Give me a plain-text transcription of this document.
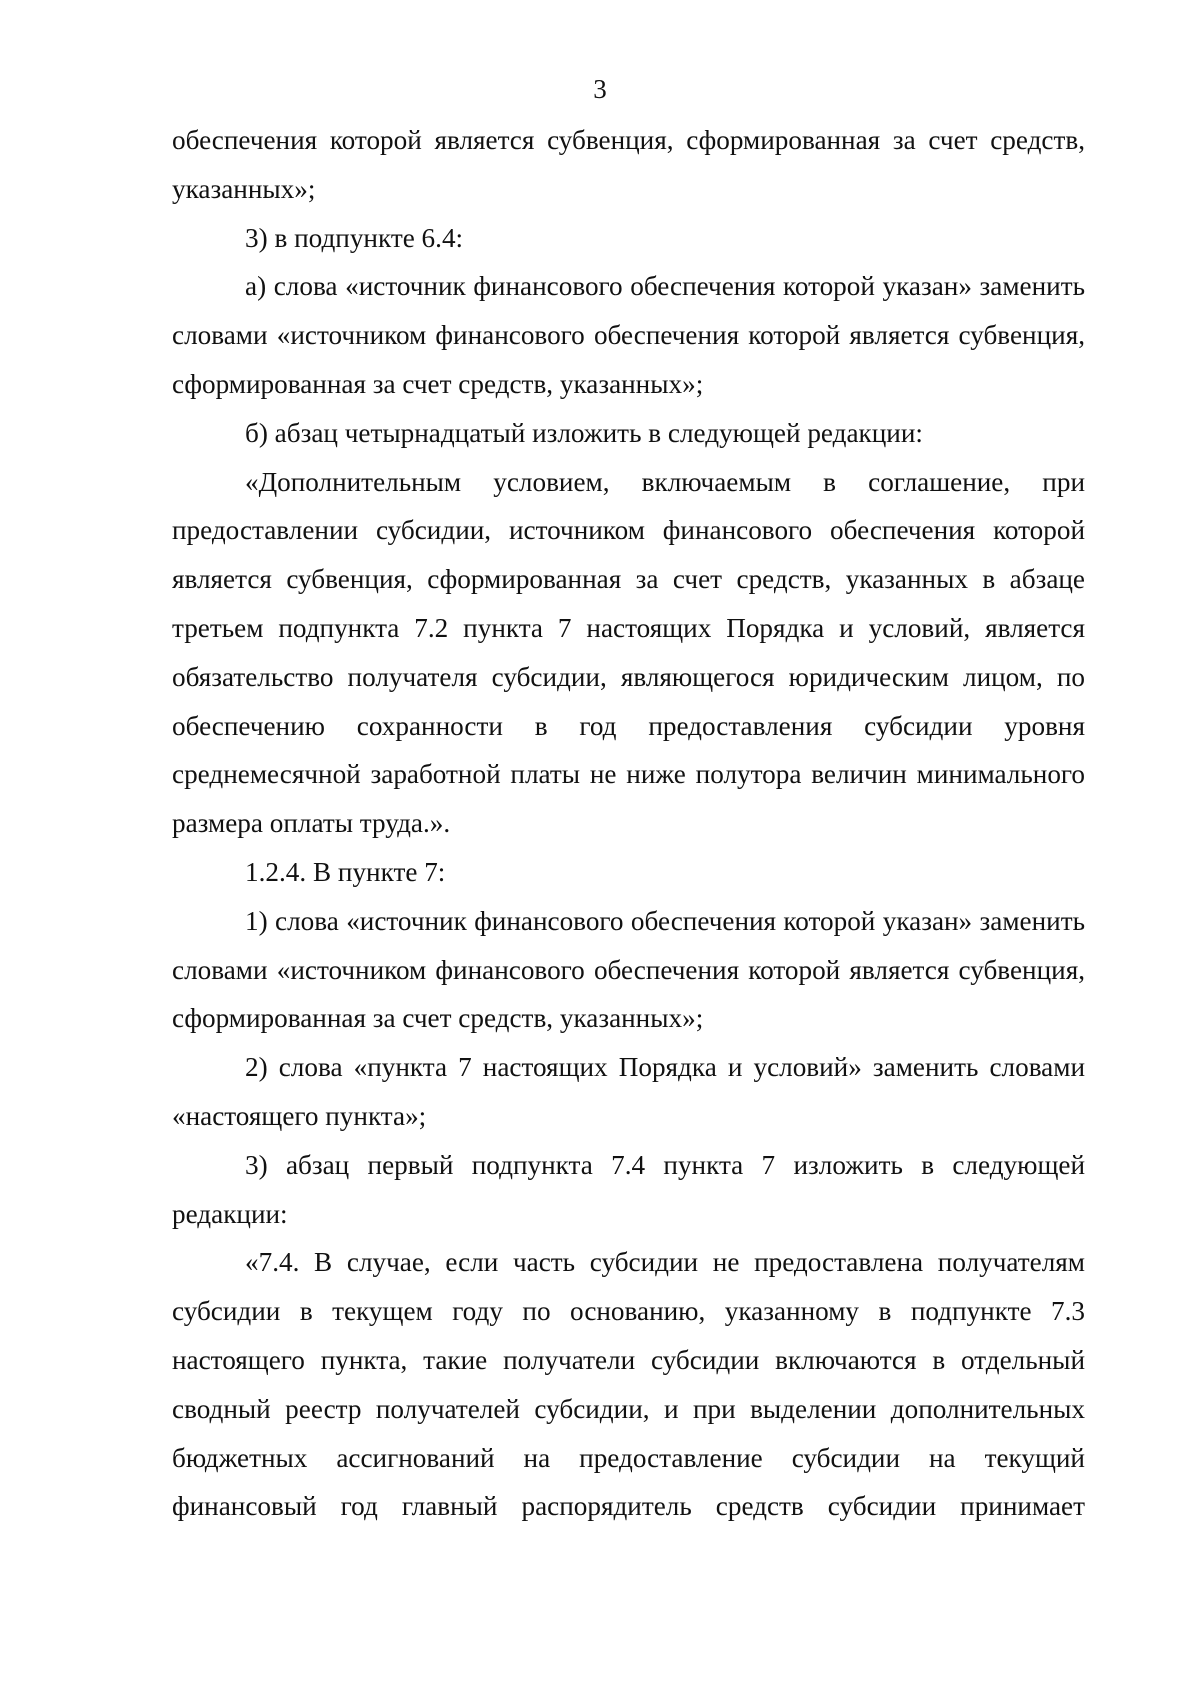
3

обеспечения которой является субвенция, сформированная за счет средств, указанных»;

3) в подпункте 6.4:

а) слова «источник финансового обеспечения которой указан» заменить словами «источником финансового обеспечения которой является субвенция, сформированная за счет средств, указанных»;

б) абзац четырнадцатый изложить в следующей редакции:

«Дополнительным условием, включаемым в соглашение, при предоставлении субсидии, источником финансового обеспечения которой является субвенция, сформированная за счет средств, указанных в абзаце третьем подпункта 7.2 пункта 7 настоящих Порядка и условий, является обязательство получателя субсидии, являющегося юридическим лицом, по обеспечению сохранности в год предоставления субсидии уровня среднемесячной заработной платы не ниже полутора величин минимального размера оплаты труда.».

1.2.4. В пункте 7:

1) слова «источник финансового обеспечения которой указан» заменить словами «источником финансового обеспечения которой является субвенция, сформированная за счет средств, указанных»;

2) слова «пункта 7 настоящих Порядка и условий» заменить словами «настоящего пункта»;

3) абзац первый подпункта 7.4 пункта 7 изложить в следующей редакции:

«7.4. В случае, если часть субсидии не предоставлена получателям субсидии в текущем году по основанию, указанному в подпункте 7.3 настоящего пункта, такие получатели субсидии включаются в отдельный сводный реестр получателей субсидии, и при выделении дополнительных бюджетных ассигнований на предоставление субсидии на текущий финансовый год главный распорядитель средств субсидии принимает
